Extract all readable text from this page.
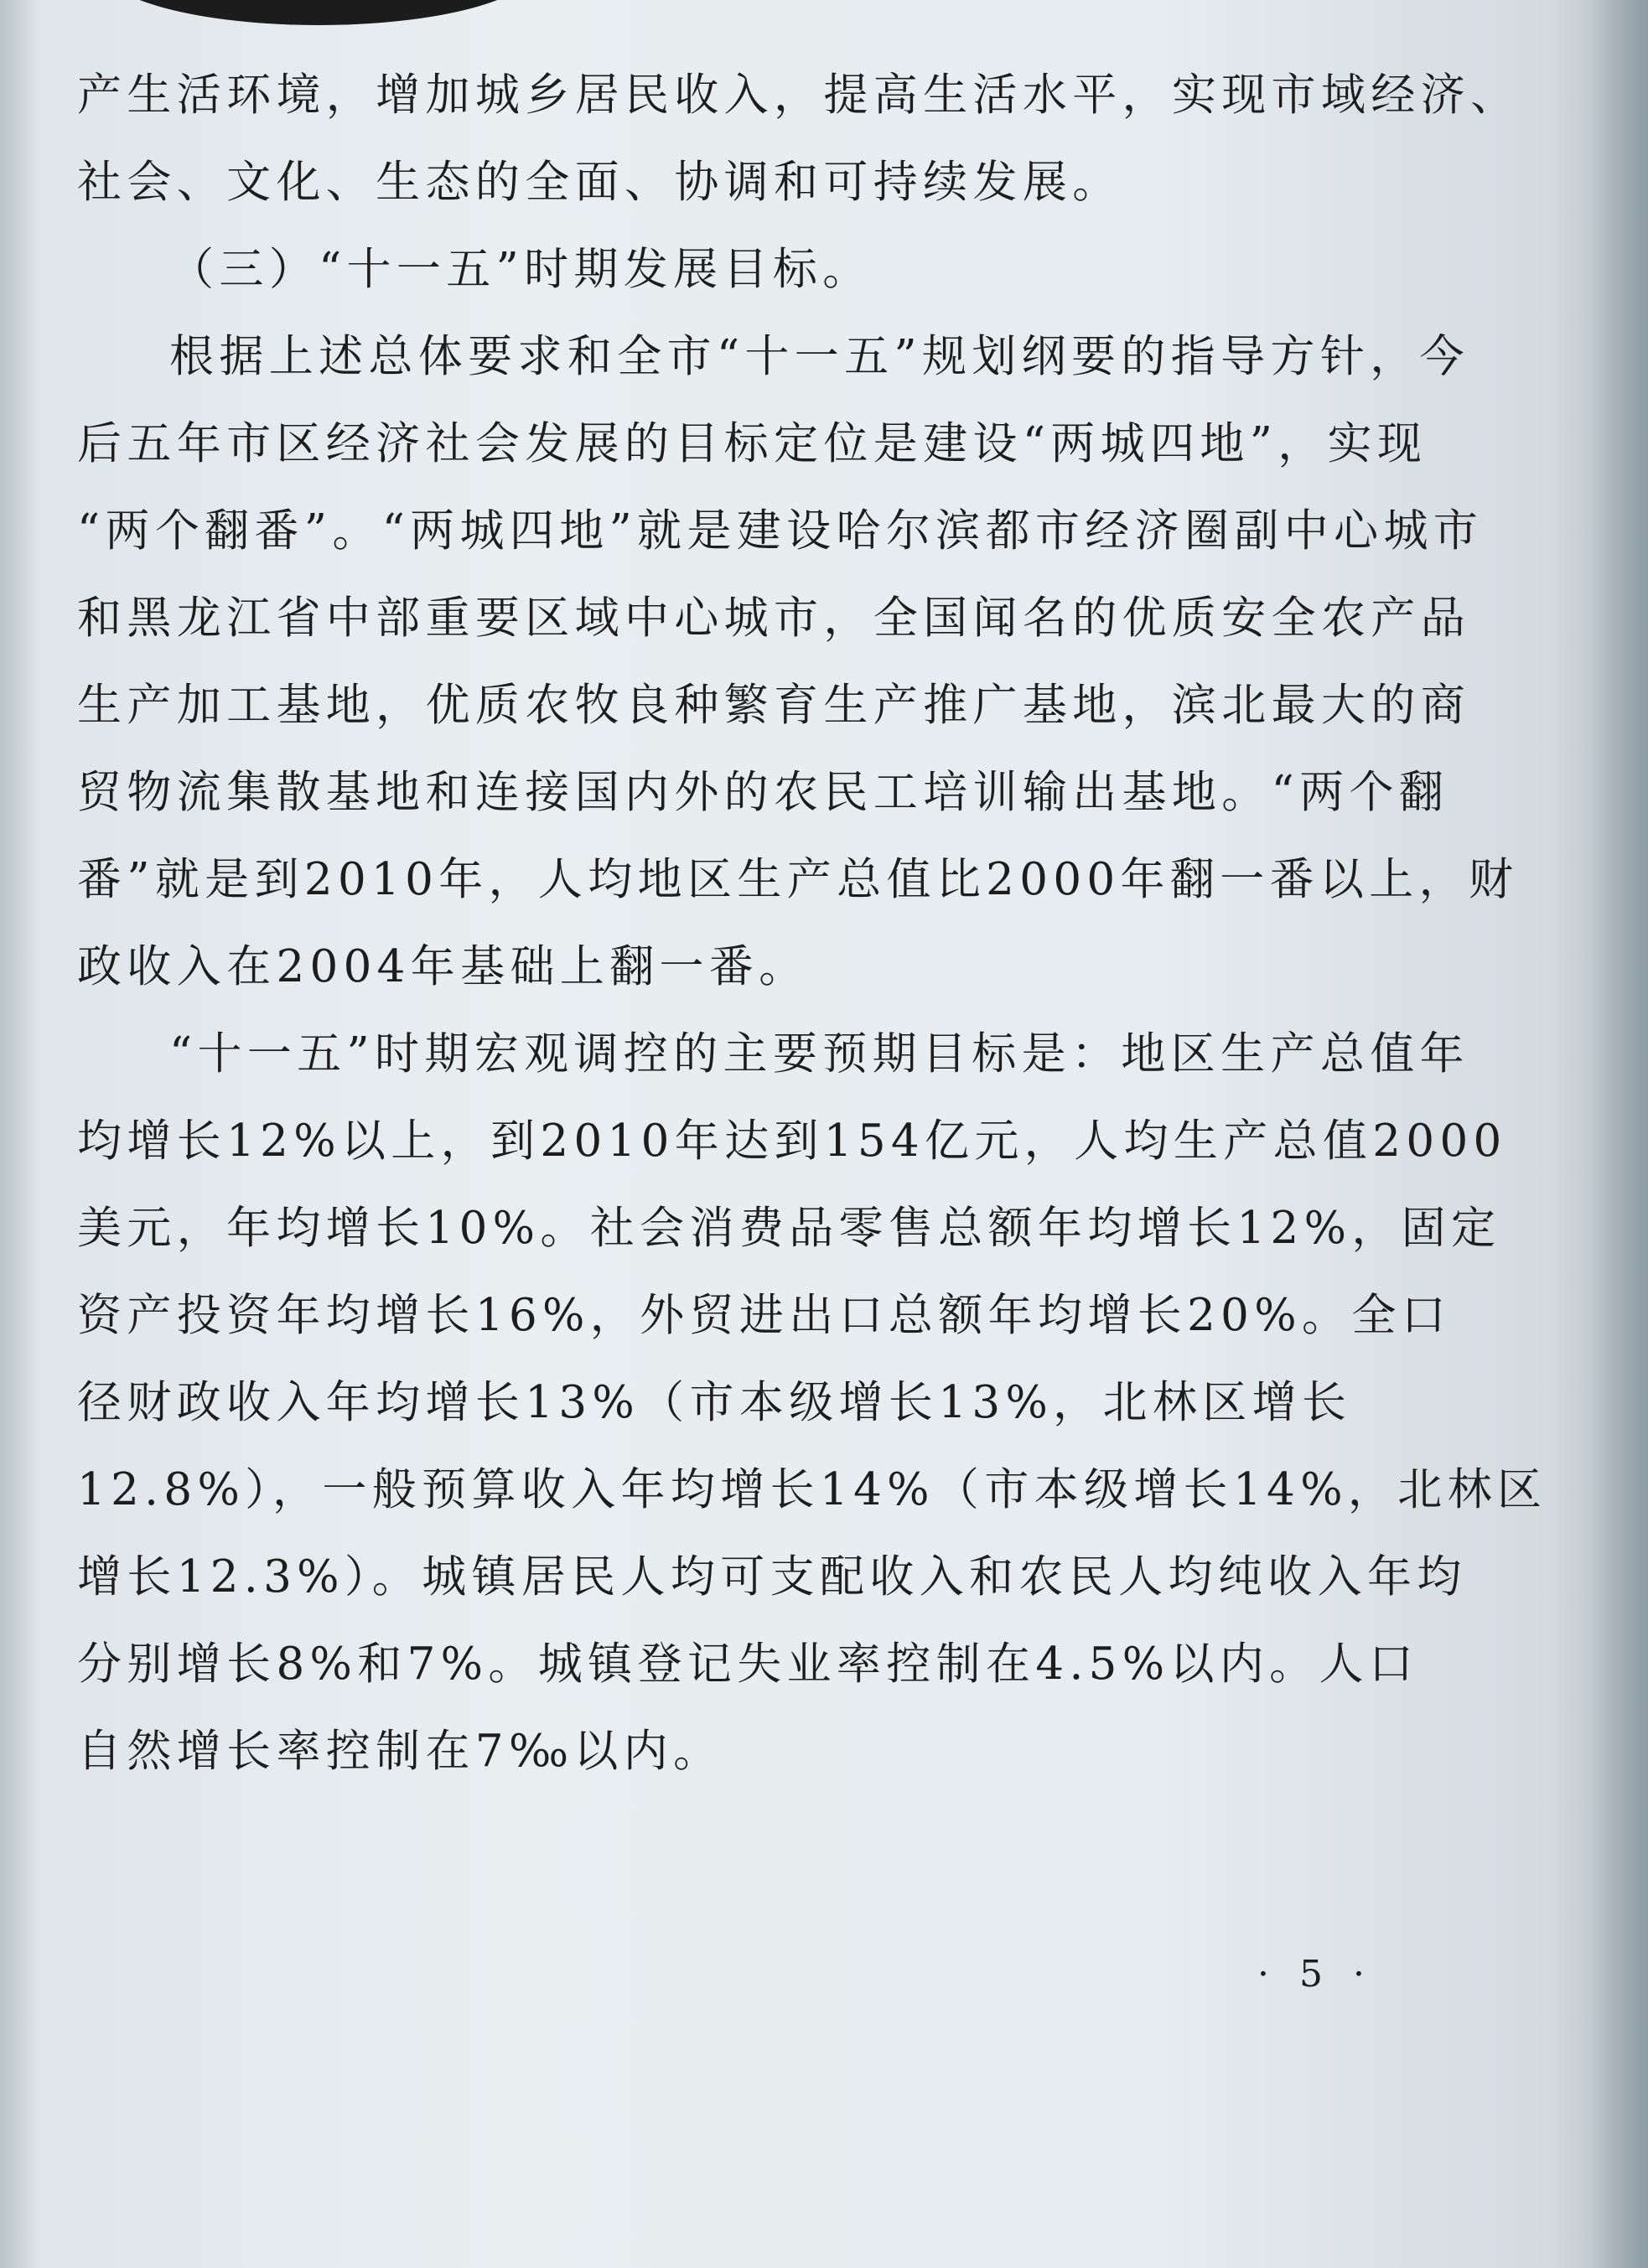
产生活环境，增加城乡居民收入，提高生活水平，实现市域经济、
社会、文化、生态的全面、协调和可持续发展。
（三）“十一五”时期发展目标。
根据上述总体要求和全市“十一五”规划纲要的指导方针，今
后五年市区经济社会发展的目标定位是建设“两城四地”，实现
“两个翻番”。“两城四地”就是建设哈尔滨都市经济圈副中心城市
和黑龙江省中部重要区域中心城市，全国闻名的优质安全农产品
生产加工基地，优质农牧良种繁育生产推广基地，滨北最大的商
贸物流集散基地和连接国内外的农民工培训输出基地。“两个翻
番”就是到2010年，人均地区生产总值比2000年翻一番以上，财
政收入在2004年基础上翻一番。
“十一五”时期宏观调控的主要预期目标是：地区生产总值年
均增长12%以上，到2010年达到154亿元，人均生产总值2000
美元，年均增长10%。社会消费品零售总额年均增长12%，固定
资产投资年均增长16%，外贸进出口总额年均增长20%。全口
径财政收入年均增长13%（市本级增长13%，北林区增长
12.8%），一般预算收入年均增长14%（市本级增长14%，北林区
增长12.3%）。城镇居民人均可支配收入和农民人均纯收入年均
分别增长8%和7%。城镇登记失业率控制在4.5%以内。人口
自然增长率控制在7‰以内。
· 5 ·
